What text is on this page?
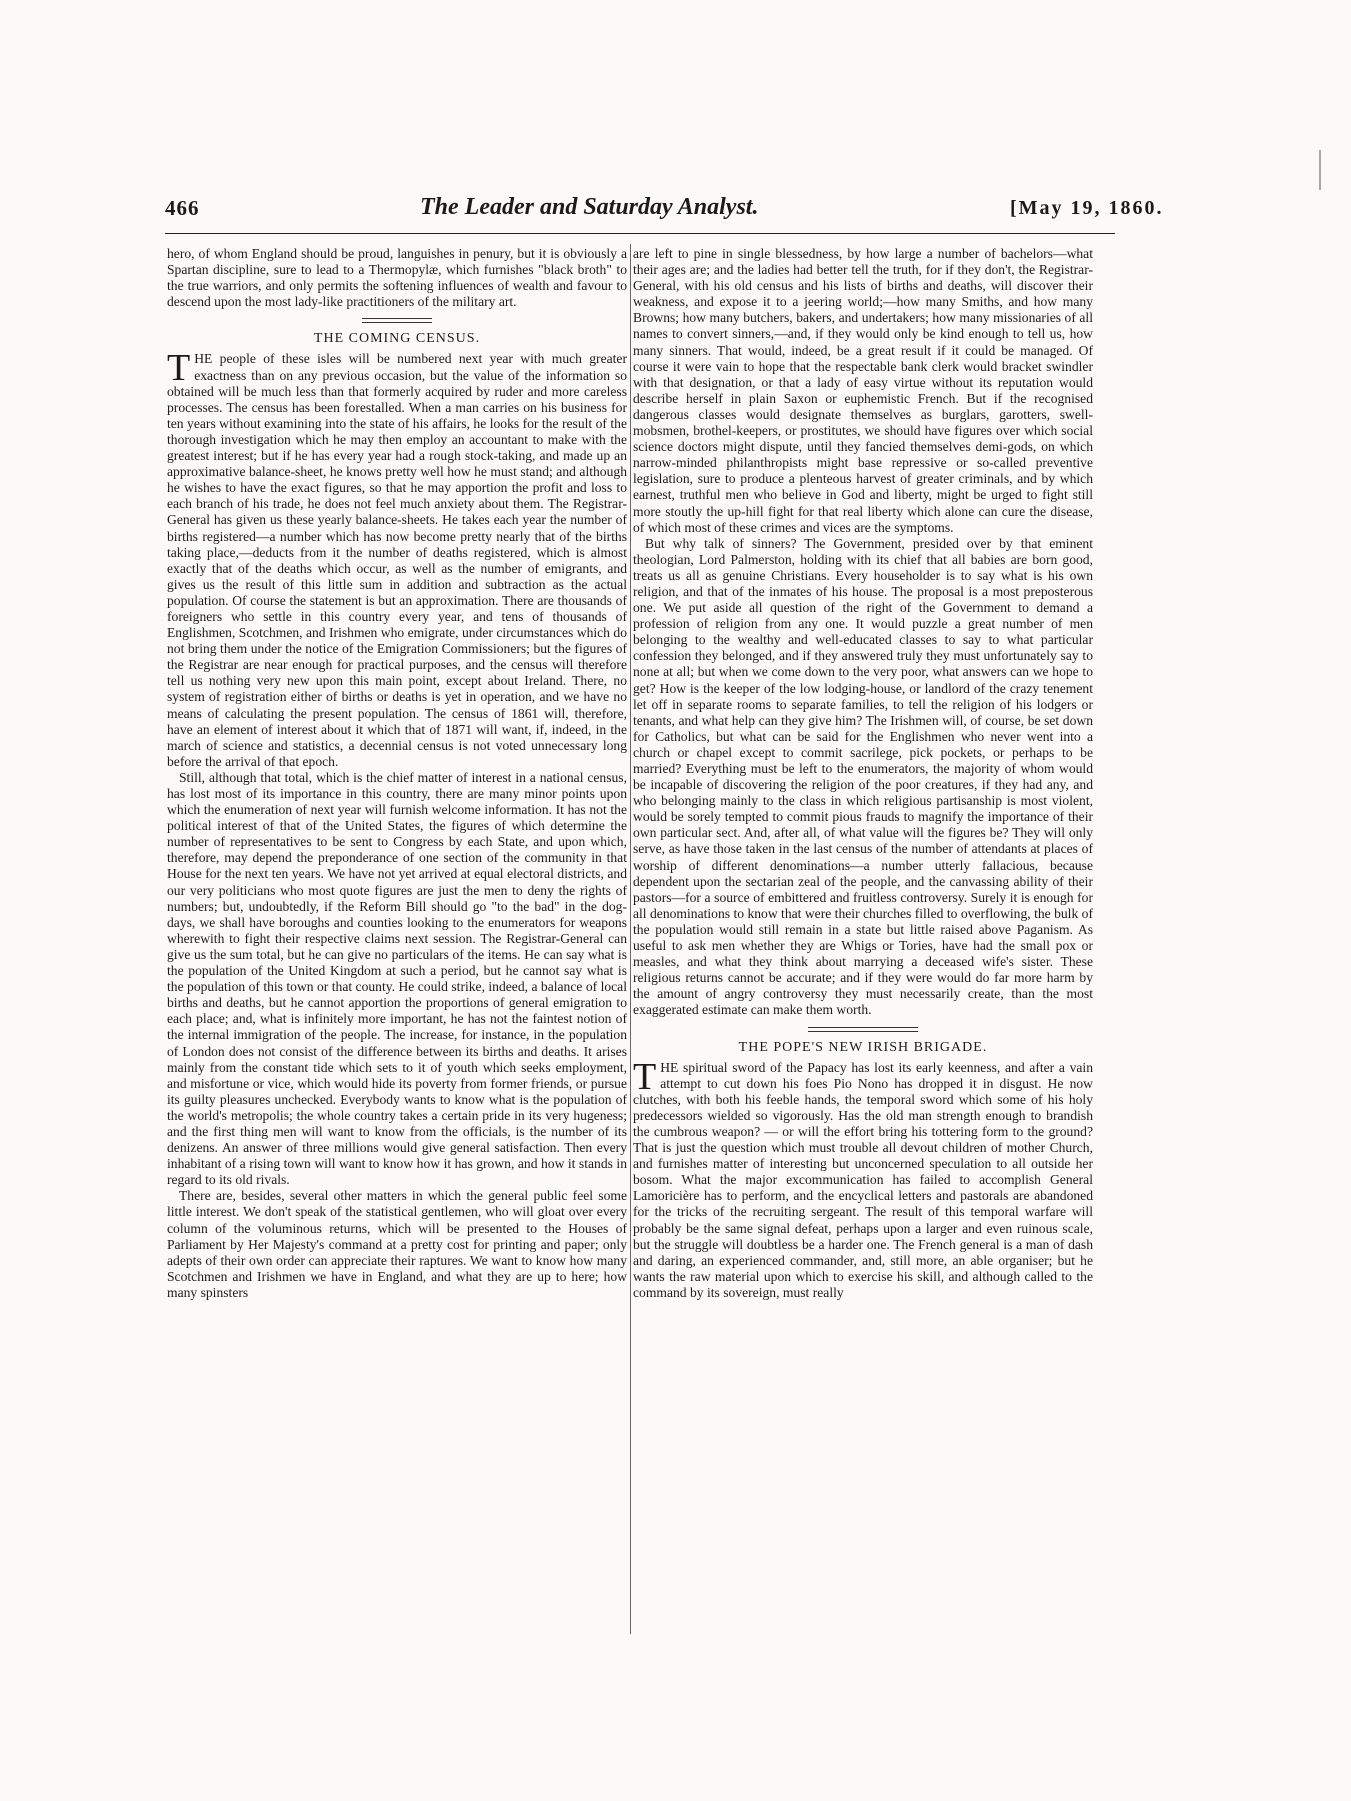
466	The Leader and Saturday Analyst.	[May 19, 1860.

hero, of whom England should be proud, languishes in penury, but it is obviously a Spartan discipline, sure to lead to a Thermopylæ, which furnishes "black broth" to the true warriors, and only permits the softening influences of wealth and favour to descend upon the most lady-like practitioners of the military art.

THE COMING CENSUS.

THE people of these isles will be numbered next year with much greater exactness than on any previous occasion, but the value of the information so obtained will be much less than that formerly acquired by ruder and more careless processes. The census has been forestalled. When a man carries on his business for ten years without examining into the state of his affairs, he looks for the result of the thorough investigation which he may then employ an accountant to make with the greatest interest; but if he has every year had a rough stock-taking, and made up an approximative balance-sheet, he knows pretty well how he must stand; and although he wishes to have the exact figures, so that he may apportion the profit and loss to each branch of his trade, he does not feel much anxiety about them. The Registrar-General has given us these yearly balance-sheets. He takes each year the number of births registered—a number which has now become pretty nearly that of the births taking place,—deducts from it the number of deaths registered, which is almost exactly that of the deaths which occur, as well as the number of emigrants, and gives us the result of this little sum in addition and subtraction as the actual population. Of course the statement is but an approximation. There are thousands of foreigners who settle in this country every year, and tens of thousands of Englishmen, Scotchmen, and Irishmen who emigrate, under circumstances which do not bring them under the notice of the Emigration Commissioners; but the figures of the Registrar are near enough for practical purposes, and the census will therefore tell us nothing very new upon this main point, except about Ireland. There, no system of registration either of births or deaths is yet in operation, and we have no means of calculating the present population. The census of 1861 will, therefore, have an element of interest about it which that of 1871 will want, if, indeed, in the march of science and statistics, a decennial census is not voted unnecessary long before the arrival of that epoch.

Still, although that total, which is the chief matter of interest in a national census, has lost most of its importance in this country, there are many minor points upon which the enumeration of next year will furnish welcome information. It has not the political interest of that of the United States, the figures of which determine the number of representatives to be sent to Congress by each State, and upon which, therefore, may depend the preponderance of one section of the community in that House for the next ten years. We have not yet arrived at equal electoral districts, and our very politicians who most quote figures are just the men to deny the rights of numbers; but, undoubtedly, if the Reform Bill should go "to the bad" in the dog-days, we shall have boroughs and counties looking to the enumerators for weapons wherewith to fight their respective claims next session. The Registrar-General can give us the sum total, but he can give no particulars of the items. He can say what is the population of the United Kingdom at such a period, but he cannot say what is the population of this town or that county. He could strike, indeed, a balance of local births and deaths, but he cannot apportion the proportions of general emigration to each place; and, what is infinitely more important, he has not the faintest notion of the internal immigration of the people. The increase, for instance, in the population of London does not consist of the difference between its births and deaths. It arises mainly from the constant tide which sets to it of youth which seeks employment, and misfortune or vice, which would hide its poverty from former friends, or pursue its guilty pleasures unchecked. Everybody wants to know what is the population of the world's metropolis; the whole country takes a certain pride in its very hugeness; and the first thing men will want to know from the officials, is the number of its denizens. An answer of three millions would give general satisfaction. Then every inhabitant of a rising town will want to know how it has grown, and how it stands in regard to its old rivals.

There are, besides, several other matters in which the general public feel some little interest. We don't speak of the statistical gentlemen, who will gloat over every column of the voluminous returns, which will be presented to the Houses of Parliament by Her Majesty's command at a pretty cost for printing and paper; only adepts of their own order can appreciate their raptures. We want to know how many Scotchmen and Irishmen we have in England, and what they are up to here; how many spinsters

are left to pine in single blessedness, by how large a number of bachelors—what their ages are; and the ladies had better tell the truth, for if they don't, the Registrar-General, with his old census and his lists of births and deaths, will discover their weakness, and expose it to a jeering world;—how many Smiths, and how many Browns; how many butchers, bakers, and undertakers; how many missionaries of all names to convert sinners,—and, if they would only be kind enough to tell us, how many sinners. That would, indeed, be a great result if it could be managed. Of course it were vain to hope that the respectable bank clerk would bracket swindler with that designation, or that a lady of easy virtue without its reputation would describe herself in plain Saxon or euphemistic French. But if the recognised dangerous classes would designate themselves as burglars, garotters, swell-mobsmen, brothel-keepers, or prostitutes, we should have figures over which social science doctors might dispute, until they fancied themselves demi-gods, on which narrow-minded philanthropists might base repressive or so-called preventive legislation, sure to produce a plenteous harvest of greater criminals, and by which earnest, truthful men who believe in God and liberty, might be urged to fight still more stoutly the up-hill fight for that real liberty which alone can cure the disease, of which most of these crimes and vices are the symptoms.

But why talk of sinners? The Government, presided over by that eminent theologian, Lord Palmerston, holding with its chief that all babies are born good, treats us all as genuine Christians. Every householder is to say what is his own religion, and that of the inmates of his house. The proposal is a most preposterous one. We put aside all question of the right of the Government to demand a profession of religion from any one. It would puzzle a great number of men belonging to the wealthy and well-educated classes to say to what particular confession they belonged, and if they answered truly they must unfortunately say to none at all; but when we come down to the very poor, what answers can we hope to get? How is the keeper of the low lodging-house, or landlord of the crazy tenement let off in separate rooms to separate families, to tell the religion of his lodgers or tenants, and what help can they give him? The Irishmen will, of course, be set down for Catholics, but what can be said for the Englishmen who never went into a church or chapel except to commit sacrilege, pick pockets, or perhaps to be married? Everything must be left to the enumerators, the majority of whom would be incapable of discovering the religion of the poor creatures, if they had any, and who belonging mainly to the class in which religious partisanship is most violent, would be sorely tempted to commit pious frauds to magnify the importance of their own particular sect. And, after all, of what value will the figures be? They will only serve, as have those taken in the last census of the number of attendants at places of worship of different denominations—a number utterly fallacious, because dependent upon the sectarian zeal of the people, and the canvassing ability of their pastors—for a source of embittered and fruitless controversy. Surely it is enough for all denominations to know that were their churches filled to overflowing, the bulk of the population would still remain in a state but little raised above Paganism. As useful to ask men whether they are Whigs or Tories, have had the small pox or measles, and what they think about marrying a deceased wife's sister. These religious returns cannot be accurate; and if they were would do far more harm by the amount of angry controversy they must necessarily create, than the most exaggerated estimate can make them worth.

THE POPE'S NEW IRISH BRIGADE.

THE spiritual sword of the Papacy has lost its early keenness, and after a vain attempt to cut down his foes Pio Nono has dropped it in disgust. He now clutches, with both his feeble hands, the temporal sword which some of his holy predecessors wielded so vigorously. Has the old man strength enough to brandish the cumbrous weapon? — or will the effort bring his tottering form to the ground? That is just the question which must trouble all devout children of mother Church, and furnishes matter of interesting but unconcerned speculation to all outside her bosom. What the major excommunication has failed to accomplish General Lamoricière has to perform, and the encyclical letters and pastorals are abandoned for the tricks of the recruiting sergeant. The result of this temporal warfare will probably be the same signal defeat, perhaps upon a larger and even ruinous scale, but the struggle will doubtless be a harder one. The French general is a man of dash and daring, an experienced commander, and, still more, an able organiser; but he wants the raw material upon which to exercise his skill, and although called to the command by its sovereign, must really
